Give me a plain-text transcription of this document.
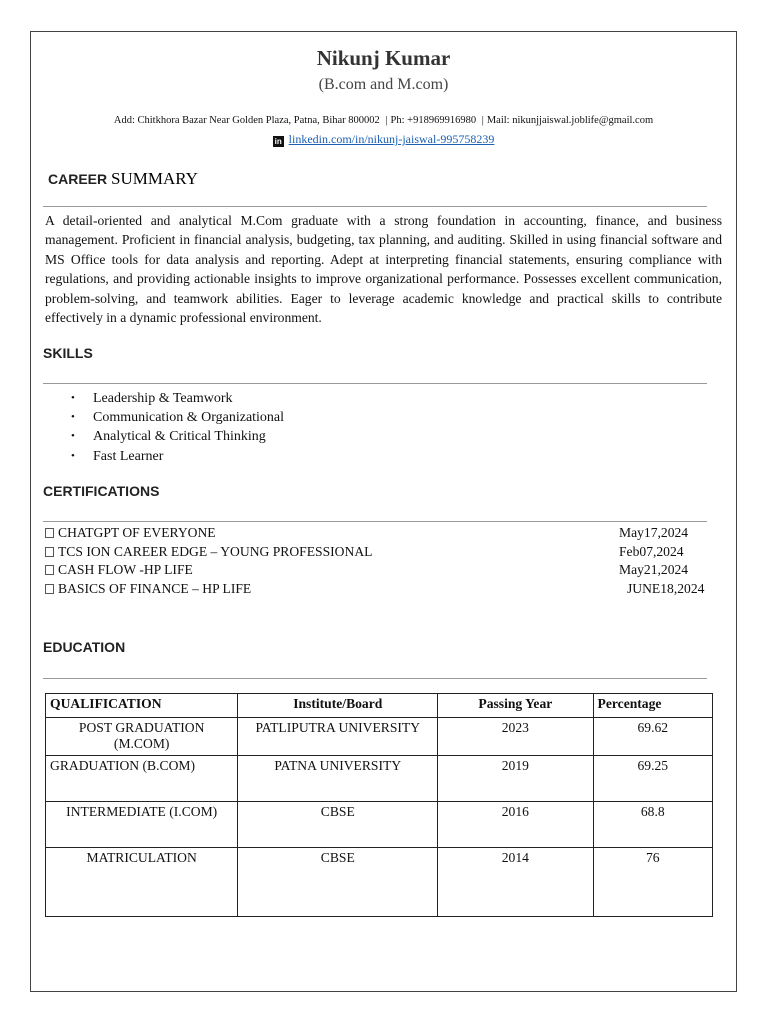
Nikunj Kumar
(B.com and M.com)
Add: Chitkhora Bazar Near Golden Plaza, Patna, Bihar 800002 | Ph: +918969916980 | Mail: nikunjjaiswal.joblife@gmail.com
in linkedin.com/in/nikunj-jaiswal-995758239
CAREER SUMMARY
A detail-oriented and analytical M.Com graduate with a strong foundation in accounting, finance, and business management. Proficient in financial analysis, budgeting, tax planning, and auditing. Skilled in using financial software and MS Office tools for data analysis and reporting. Adept at interpreting financial statements, ensuring compliance with regulations, and providing actionable insights to improve organizational performance. Possesses excellent communication, problem-solving, and teamwork abilities. Eager to leverage academic knowledge and practical skills to contribute effectively in a dynamic professional environment.
SKILLS
• Leadership & Teamwork
• Communication & Organizational
• Analytical & Critical Thinking
• Fast Learner
CERTIFICATIONS
CHATGPT OF EVERYONE	May17,2024
TCS ION CAREER EDGE – YOUNG PROFESSIONAL	Feb07,2024
CASH FLOW -HP LIFE	May21,2024
BASICS OF FINANCE – HP LIFE	JUNE18,2024
EDUCATION
QUALIFICATION	Institute/Board	Passing Year	Percentage
POST GRADUATION (M.COM)	PATLIPUTRA UNIVERSITY	2023	69.62
GRADUATION (B.COM)	PATNA UNIVERSITY	2019	69.25
INTERMEDIATE (I.COM)	CBSE	2016	68.8
MATRICULATION	CBSE	2014	76
